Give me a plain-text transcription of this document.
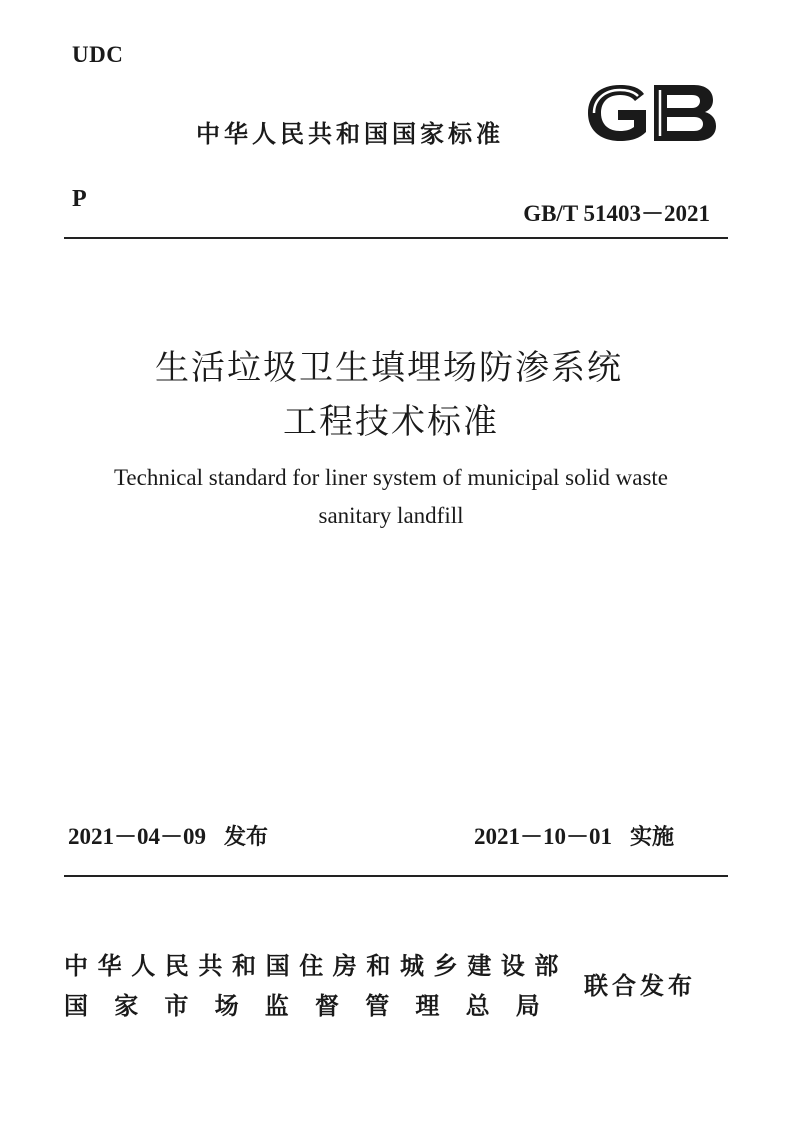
UDC
中华人民共和国国家标准
P
GB/T 51403－2021
生活垃圾卫生填埋场防渗系统
工程技术标准
Technical standard for liner system of municipal solid waste
sanitary landfill
2021－04－09 发布	2021－10－01 实施
中华人民共和国住房和城乡建设部
国家市场监督管理总局
联合发布
